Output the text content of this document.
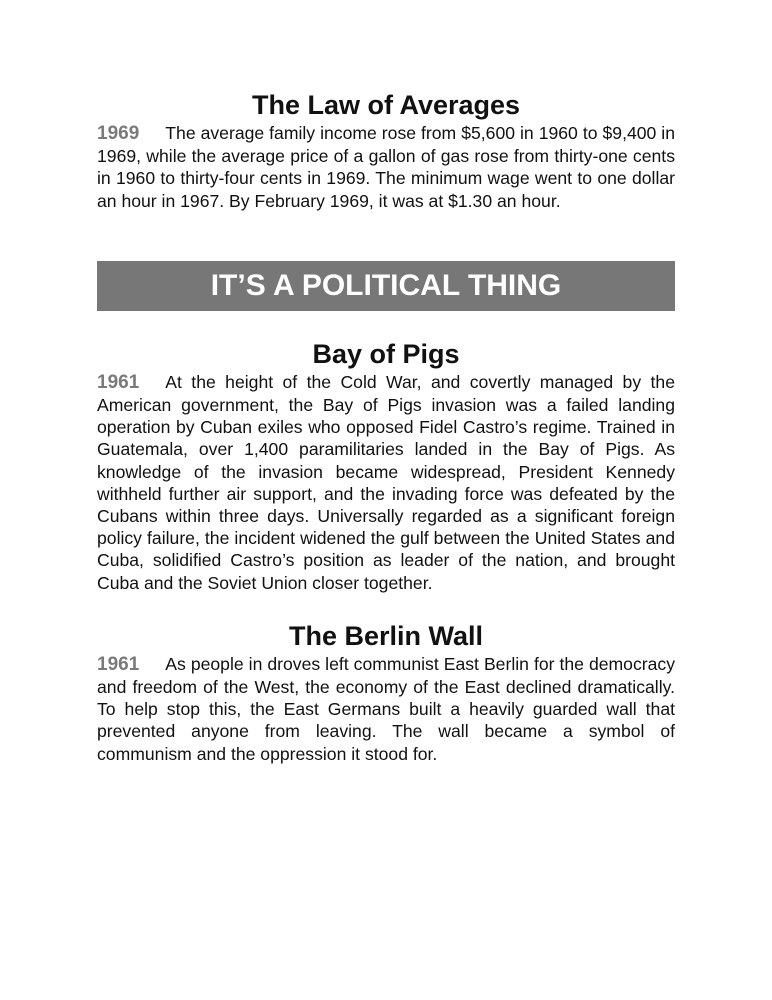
The Law of Averages

1969 The average family income rose from $5,600 in 1960 to $9,400 in 1969, while the average price of a gallon of gas rose from thirty-one cents in 1960 to thirty-four cents in 1969. The minimum wage went to one dollar an hour in 1967. By February 1969, it was at $1.30 an hour.

IT’S A POLITICAL THING
Bay of Pigs

1961 At the height of the Cold War, and covertly managed by the American government, the Bay of Pigs invasion was a failed landing operation by Cuban exiles who opposed Fidel Castro’s regime. Trained in Guatemala, over 1,400 paramilitaries landed in the Bay of Pigs. As knowledge of the invasion became widespread, President Kennedy withheld further air support, and the invading force was defeated by the Cubans within three days. Universally regarded as a significant foreign policy failure, the incident widened the gulf between the United States and Cuba, solidified Castro’s position as leader of the nation, and brought Cuba and the Soviet Union closer together.

The Berlin Wall

1961 As people in droves left communist East Berlin for the democracy and freedom of the West, the economy of the East declined dramatically. To help stop this, the East Germans built a heavily guarded wall that prevented anyone from leaving. The wall became a symbol of communism and the oppression it stood for.
